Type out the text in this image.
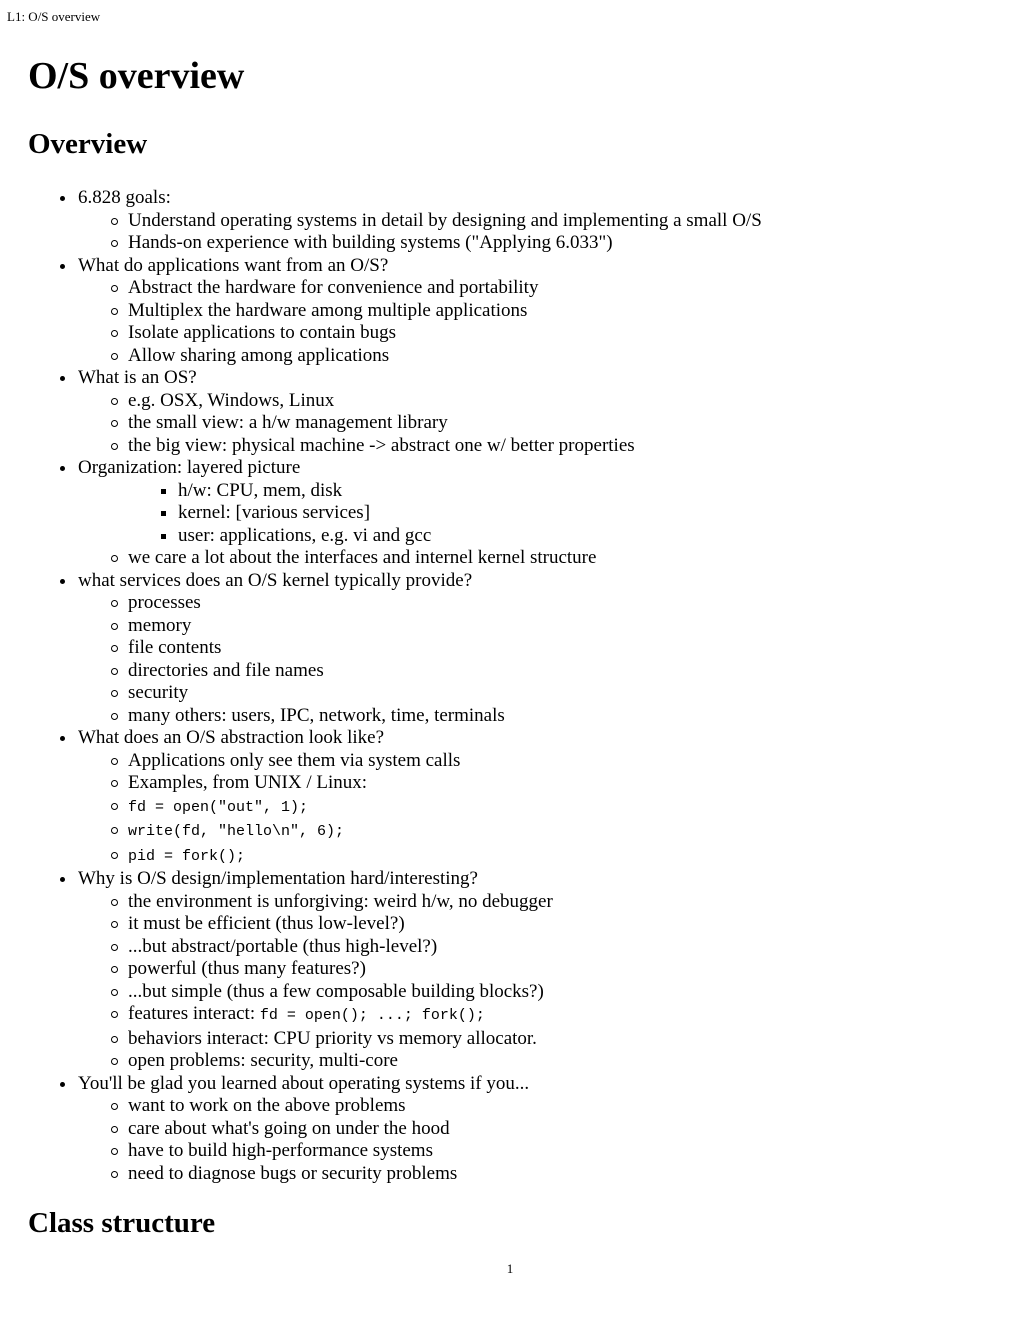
L1: O/S overview
O/S overview
Overview
6.828 goals:
Understand operating systems in detail by designing and implementing a small O/S
Hands-on experience with building systems ("Applying 6.033")
What do applications want from an O/S?
Abstract the hardware for convenience and portability
Multiplex the hardware among multiple applications
Isolate applications to contain bugs
Allow sharing among applications
What is an OS?
e.g. OSX, Windows, Linux
the small view: a h/w management library
the big view: physical machine -> abstract one w/ better properties
Organization: layered picture
h/w: CPU, mem, disk
kernel: [various services]
user: applications, e.g. vi and gcc
we care a lot about the interfaces and internel kernel structure
what services does an O/S kernel typically provide?
processes
memory
file contents
directories and file names
security
many others: users, IPC, network, time, terminals
What does an O/S abstraction look like?
Applications only see them via system calls
Examples, from UNIX / Linux:
fd = open("out", 1);
write(fd, "hello\n", 6);
pid = fork();
Why is O/S design/implementation hard/interesting?
the environment is unforgiving: weird h/w, no debugger
it must be efficient (thus low-level?)
...but abstract/portable (thus high-level?)
powerful (thus many features?)
...but simple (thus a few composable building blocks?)
features interact: fd = open(); ...; fork();
behaviors interact: CPU priority vs memory allocator.
open problems: security, multi-core
You'll be glad you learned about operating systems if you...
want to work on the above problems
care about what's going on under the hood
have to build high-performance systems
need to diagnose bugs or security problems
Class structure
1
